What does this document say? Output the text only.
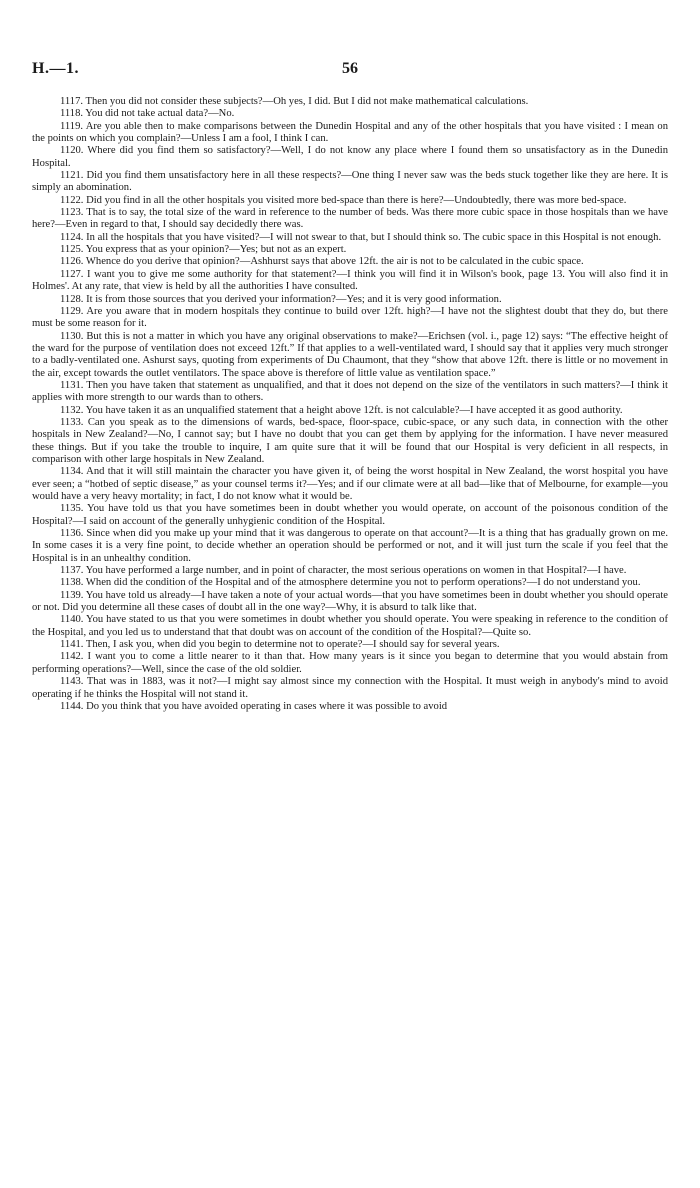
H.—1.	56

1117. Then you did not consider these subjects?—Oh yes, I did. But I did not make mathematical calculations.

1118. You did not take actual data?—No.

1119. Are you able then to make comparisons between the Dunedin Hospital and any of the other hospitals that you have visited : I mean on the points on which you complain?—Unless I am a fool, I think I can.

1120. Where did you find them so satisfactory?—Well, I do not know any place where I found them so unsatisfactory as in the Dunedin Hospital.

1121. Did you find them unsatisfactory here in all these respects?—One thing I never saw was the beds stuck together like they are here. It is simply an abomination.

1122. Did you find in all the other hospitals you visited more bed-space than there is here?—Undoubtedly, there was more bed-space.

1123. That is to say, the total size of the ward in reference to the number of beds. Was there more cubic space in those hospitals than we have here?—Even in regard to that, I should say decidedly there was.

1124. In all the hospitals that you have visited?—I will not swear to that, but I should think so. The cubic space in this Hospital is not enough.

1125. You express that as your opinion?—Yes; but not as an expert.

1126. Whence do you derive that opinion?—Ashhurst says that above 12ft. the air is not to be calculated in the cubic space.

1127. I want you to give me some authority for that statement?—I think you will find it in Wilson's book, page 13. You will also find it in Holmes'. At any rate, that view is held by all the authorities I have consulted.

1128. It is from those sources that you derived your information?—Yes; and it is very good information.

1129. Are you aware that in modern hospitals they continue to build over 12ft. high?—I have not the slightest doubt that they do, but there must be some reason for it.

1130. But this is not a matter in which you have any original observations to make?—Erichsen (vol. i., page 12) says: “The effective height of the ward for the purpose of ventilation does not exceed 12ft.” If that applies to a well-ventilated ward, I should say that it applies very much stronger to a badly-ventilated one. Ashurst says, quoting from experiments of Du Chaumont, that they “show that above 12ft. there is little or no movement in the air, except towards the outlet ventilators. The space above is therefore of little value as ventilation space.”

1131. Then you have taken that statement as unqualified, and that it does not depend on the size of the ventilators in such matters?—I think it applies with more strength to our wards than to others.

1132. You have taken it as an unqualified statement that a height above 12ft. is not calculable?—I have accepted it as good authority.

1133. Can you speak as to the dimensions of wards, bed-space, floor-space, cubic-space, or any such data, in connection with the other hospitals in New Zealand?—No, I cannot say; but I have no doubt that you can get them by applying for the information. I have never measured these things. But if you take the trouble to inquire, I am quite sure that it will be found that our Hospital is very deficient in all respects, in comparison with other large hospitals in New Zealand.

1134. And that it will still maintain the character you have given it, of being the worst hospital in New Zealand, the worst hospital you have ever seen; a “hotbed of septic disease,” as your counsel terms it?—Yes; and if our climate were at all bad—like that of Melbourne, for example—you would have a very heavy mortality; in fact, I do not know what it would be.

1135. You have told us that you have sometimes been in doubt whether you would operate, on account of the poisonous condition of the Hospital?—I said on account of the generally unhygienic condition of the Hospital.

1136. Since when did you make up your mind that it was dangerous to operate on that account?—It is a thing that has gradually grown on me. In some cases it is a very fine point, to decide whether an operation should be performed or not, and it will just turn the scale if you feel that the Hospital is in an unhealthy condition.

1137. You have performed a large number, and in point of character, the most serious operations on women in that Hospital?—I have.

1138. When did the condition of the Hospital and of the atmosphere determine you not to perform operations?—I do not understand you.

1139. You have told us already—I have taken a note of your actual words—that you have sometimes been in doubt whether you should operate or not. Did you determine all these cases of doubt all in the one way?—Why, it is absurd to talk like that.

1140. You have stated to us that you were sometimes in doubt whether you should operate. You were speaking in reference to the condition of the Hospital, and you led us to understand that that doubt was on account of the condition of the Hospital?—Quite so.

1141. Then, I ask you, when did you begin to determine not to operate?—I should say for several years.

1142. I want you to come a little nearer to it than that. How many years is it since you began to determine that you would abstain from performing operations?—Well, since the case of the old soldier.

1143. That was in 1883, was it not?—I might say almost since my connection with the Hospital. It must weigh in anybody's mind to avoid operating if he thinks the Hospital will not stand it.

1144. Do you think that you have avoided operating in cases where it was possible to avoid
